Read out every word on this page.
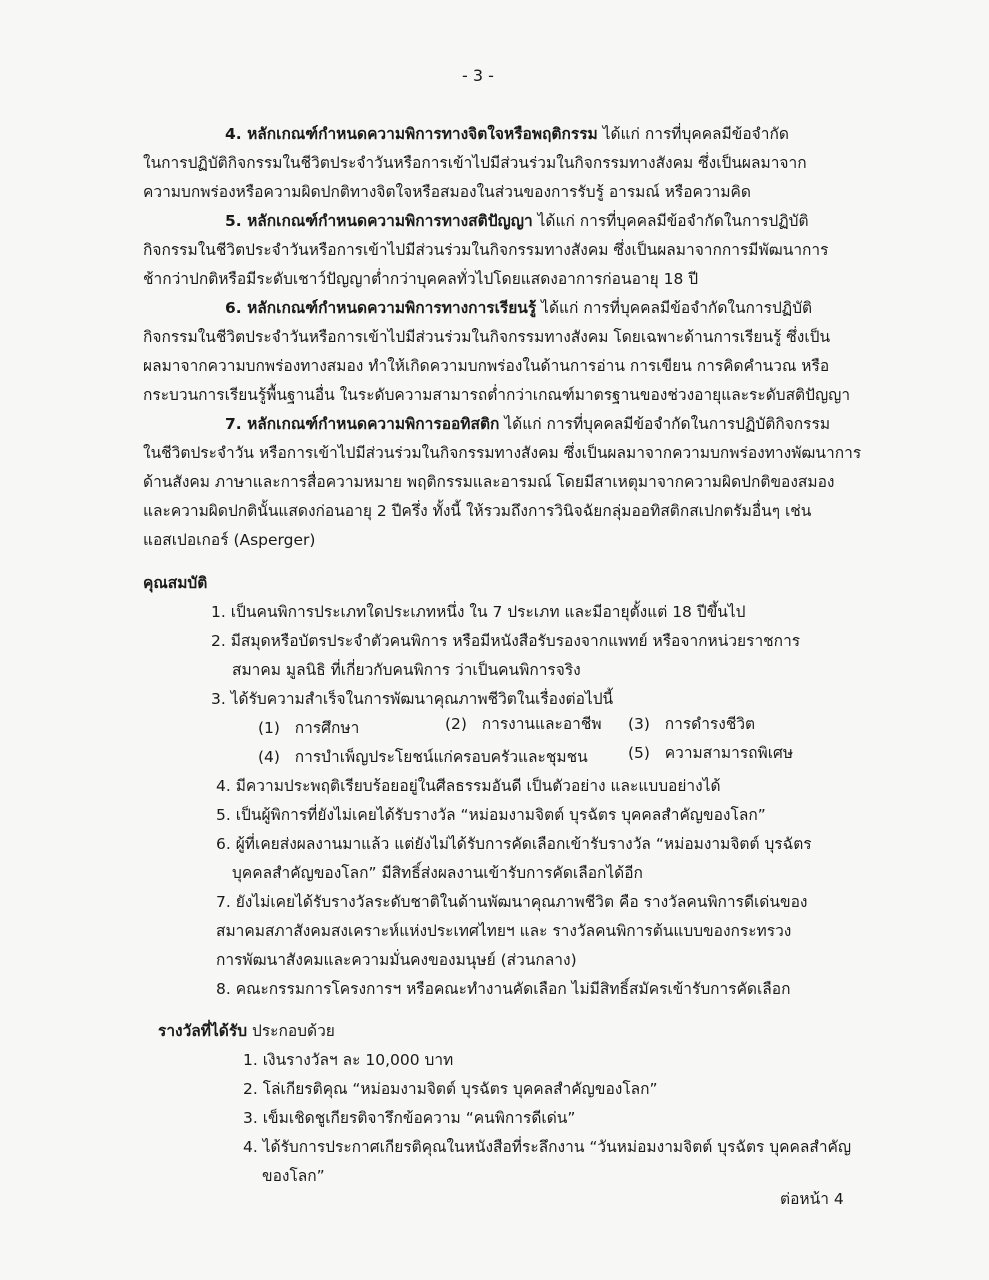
- 3 -
4. หลักเกณฑ์กำหนดความพิการทางจิตใจหรือพฤติกรรม ได้แก่ การที่บุคคลมีข้อจำกัด
ในการปฏิบัติกิจกรรมในชีวิตประจำวันหรือการเข้าไปมีส่วนร่วมในกิจกรรมทางสังคม ซึ่งเป็นผลมาจาก
ความบกพร่องหรือความผิดปกติทางจิตใจหรือสมองในส่วนของการรับรู้ อารมณ์ หรือความคิด
5. หลักเกณฑ์กำหนดความพิการทางสติปัญญา ได้แก่ การที่บุคคลมีข้อจำกัดในการปฏิบัติ
กิจกรรมในชีวิตประจำวันหรือการเข้าไปมีส่วนร่วมในกิจกรรมทางสังคม ซึ่งเป็นผลมาจากการมีพัฒนาการ
ช้ากว่าปกติหรือมีระดับเชาว์ปัญญาต่ำกว่าบุคคลทั่วไปโดยแสดงอาการก่อนอายุ 18 ปี
6. หลักเกณฑ์กำหนดความพิการทางการเรียนรู้ ได้แก่ การที่บุคคลมีข้อจำกัดในการปฏิบัติ
กิจกรรมในชีวิตประจำวันหรือการเข้าไปมีส่วนร่วมในกิจกรรมทางสังคม โดยเฉพาะด้านการเรียนรู้ ซึ่งเป็น
ผลมาจากความบกพร่องทางสมอง ทำให้เกิดความบกพร่องในด้านการอ่าน การเขียน การคิดคำนวณ หรือ
กระบวนการเรียนรู้พื้นฐานอื่น ในระดับความสามารถต่ำกว่าเกณฑ์มาตรฐานของช่วงอายุและระดับสติปัญญา
7. หลักเกณฑ์กำหนดความพิการออทิสติก ได้แก่ การที่บุคคลมีข้อจำกัดในการปฏิบัติกิจกรรม
ในชีวิตประจำวัน หรือการเข้าไปมีส่วนร่วมในกิจกรรมทางสังคม ซึ่งเป็นผลมาจากความบกพร่องทางพัฒนาการ
ด้านสังคม ภาษาและการสื่อความหมาย พฤติกรรมและอารมณ์ โดยมีสาเหตุมาจากความผิดปกติของสมอง
และความผิดปกตินั้นแสดงก่อนอายุ 2 ปีครึ่ง ทั้งนี้ ให้รวมถึงการวินิจฉัยกลุ่มออทิสติกสเปกตรัมอื่นๆ เช่น
แอสเปอเกอร์ (Asperger)
คุณสมบัติ
1. เป็นคนพิการประเภทใดประเภทหนึ่ง ใน 7 ประเภท และมีอายุตั้งแต่ 18 ปีขึ้นไป
2. มีสมุดหรือบัตรประจำตัวคนพิการ หรือมีหนังสือรับรองจากแพทย์ หรือจากหน่วยราชการ
สมาคม มูลนิธิ ที่เกี่ยวกับคนพิการ ว่าเป็นคนพิการจริง
3. ได้รับความสำเร็จในการพัฒนาคุณภาพชีวิตในเรื่องต่อไปนี้
(1) การศึกษา	(2) การงานและอาชีพ (3) การดำรงชีวิต
(4) การบำเพ็ญประโยชน์แก่ครอบครัวและชุมชน	(5) ความสามารถพิเศษ
4. มีความประพฤติเรียบร้อยอยู่ในศีลธรรมอันดี เป็นตัวอย่าง และแบบอย่างได้
5. เป็นผู้พิการที่ยังไม่เคยได้รับรางวัล “หม่อมงามจิตต์ บุรฉัตร บุคคลสำคัญของโลก”
6. ผู้ที่เคยส่งผลงานมาแล้ว แต่ยังไม่ได้รับการคัดเลือกเข้ารับรางวัล “หม่อมงามจิตต์ บุรฉัตร
บุคคลสำคัญของโลก” มีสิทธิ์ส่งผลงานเข้ารับการคัดเลือกได้อีก
7. ยังไม่เคยได้รับรางวัลระดับชาติในด้านพัฒนาคุณภาพชีวิต คือ รางวัลคนพิการดีเด่นของ
สมาคมสภาสังคมสงเคราะห์แห่งประเทศไทยฯ และ รางวัลคนพิการต้นแบบของกระทรวง
การพัฒนาสังคมและความมั่นคงของมนุษย์ (ส่วนกลาง)
8. คณะกรรมการโครงการฯ หรือคณะทำงานคัดเลือก ไม่มีสิทธิ์สมัครเข้ารับการคัดเลือก
รางวัลที่ได้รับ ประกอบด้วย
1. เงินรางวัลฯ ละ 10,000 บาท
2. โล่เกียรติคุณ “หม่อมงามจิตต์ บุรฉัตร บุคคลสำคัญของโลก”
3. เข็มเชิดชูเกียรติจารึกข้อความ “คนพิการดีเด่น”
4. ได้รับการประกาศเกียรติคุณในหนังสือที่ระลึกงาน “วันหม่อมงามจิตต์ บุรฉัตร บุคคลสำคัญ
ของโลก”
ต่อหน้า 4
